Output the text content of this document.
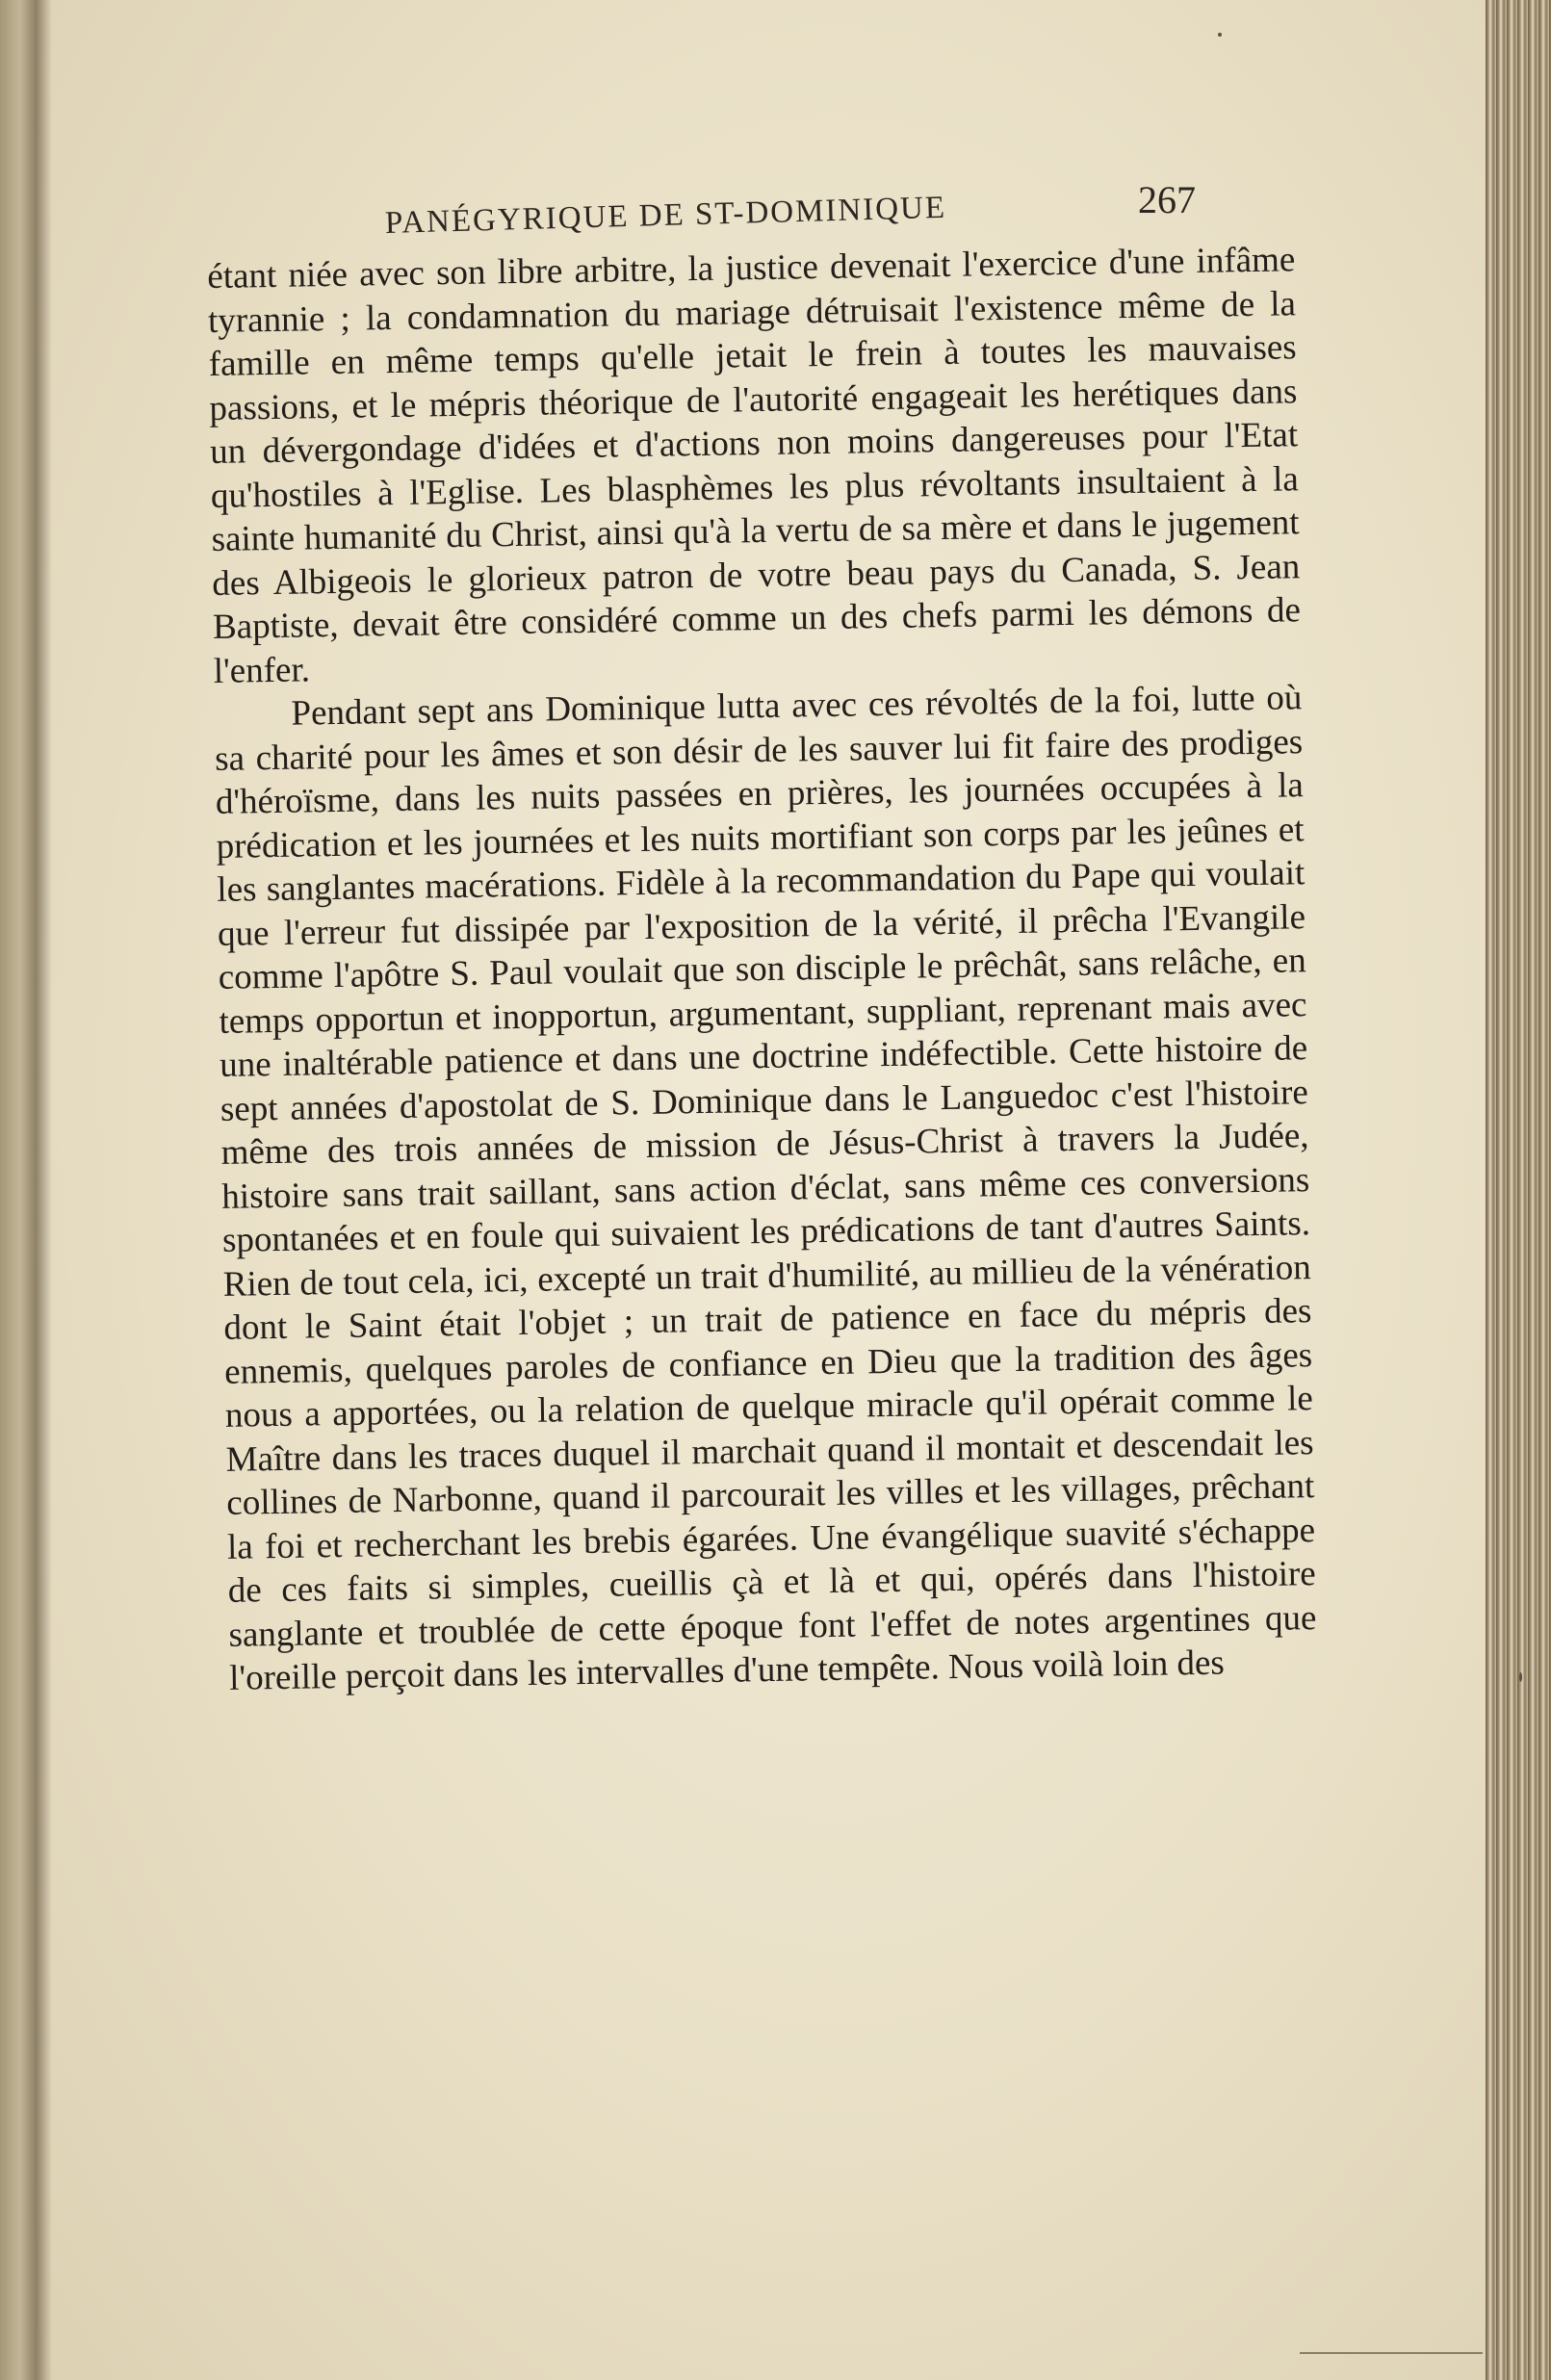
PANÉGYRIQUE DE ST-DOMINIQUE	267

étant niée avec son libre arbitre, la justice devenait l'exercice d'une infâme tyrannie ; la condamnation du mariage détruisait l'existence même de la famille en même temps qu'elle jetait le frein à toutes les mauvaises passions, et le mépris théorique de l'autorité engageait les herétiques dans un dévergondage d'idées et d'actions non moins dangereuses pour l'Etat qu'hostiles à l'Eglise. Les blasphèmes les plus révoltants insultaient à la sainte humanité du Christ, ainsi qu'à la vertu de sa mère et dans le jugement des Albigeois le glorieux patron de votre beau pays du Canada, S. Jean Baptiste, devait être considéré comme un des chefs parmi les démons de l'enfer.

Pendant sept ans Dominique lutta avec ces révoltés de la foi, lutte où sa charité pour les âmes et son désir de les sauver lui fit faire des prodiges d'héroïsme, dans les nuits passées en prières, les journées occupées à la prédication et les journées et les nuits mortifiant son corps par les jeûnes et les sanglantes macérations. Fidèle à la recommandation du Pape qui voulait que l'erreur fut dissipée par l'exposition de la vérité, il prêcha l'Evangile comme l'apôtre S. Paul voulait que son disciple le prêchât, sans relâche, en temps opportun et inopportun, argumentant, suppliant, reprenant mais avec une inaltérable patience et dans une doctrine indéfectible. Cette histoire de sept années d'apostolat de S. Dominique dans le Languedoc c'est l'histoire même des trois années de mission de Jésus-Christ à travers la Judée, histoire sans trait saillant, sans action d'éclat, sans même ces conversions spontanées et en foule qui suivaient les prédications de tant d'autres Saints. Rien de tout cela, ici, excepté un trait d'humilité, au millieu de la vénération dont le Saint était l'objet ; un trait de patience en face du mépris des ennemis, quelques paroles de confiance en Dieu que la tradition des âges nous a apportées, ou la relation de quelque miracle qu'il opérait comme le Maître dans les traces duquel il marchait quand il montait et descendait les collines de Narbonne, quand il parcourait les villes et les villages, prêchant la foi et recherchant les brebis égarées. Une évangélique suavité s'échappe de ces faits si simples, cueillis çà et là et qui, opérés dans l'histoire sanglante et troublée de cette époque font l'effet de notes argentines que l'oreille perçoit dans les intervalles d'une tempête. Nous voilà loin des
